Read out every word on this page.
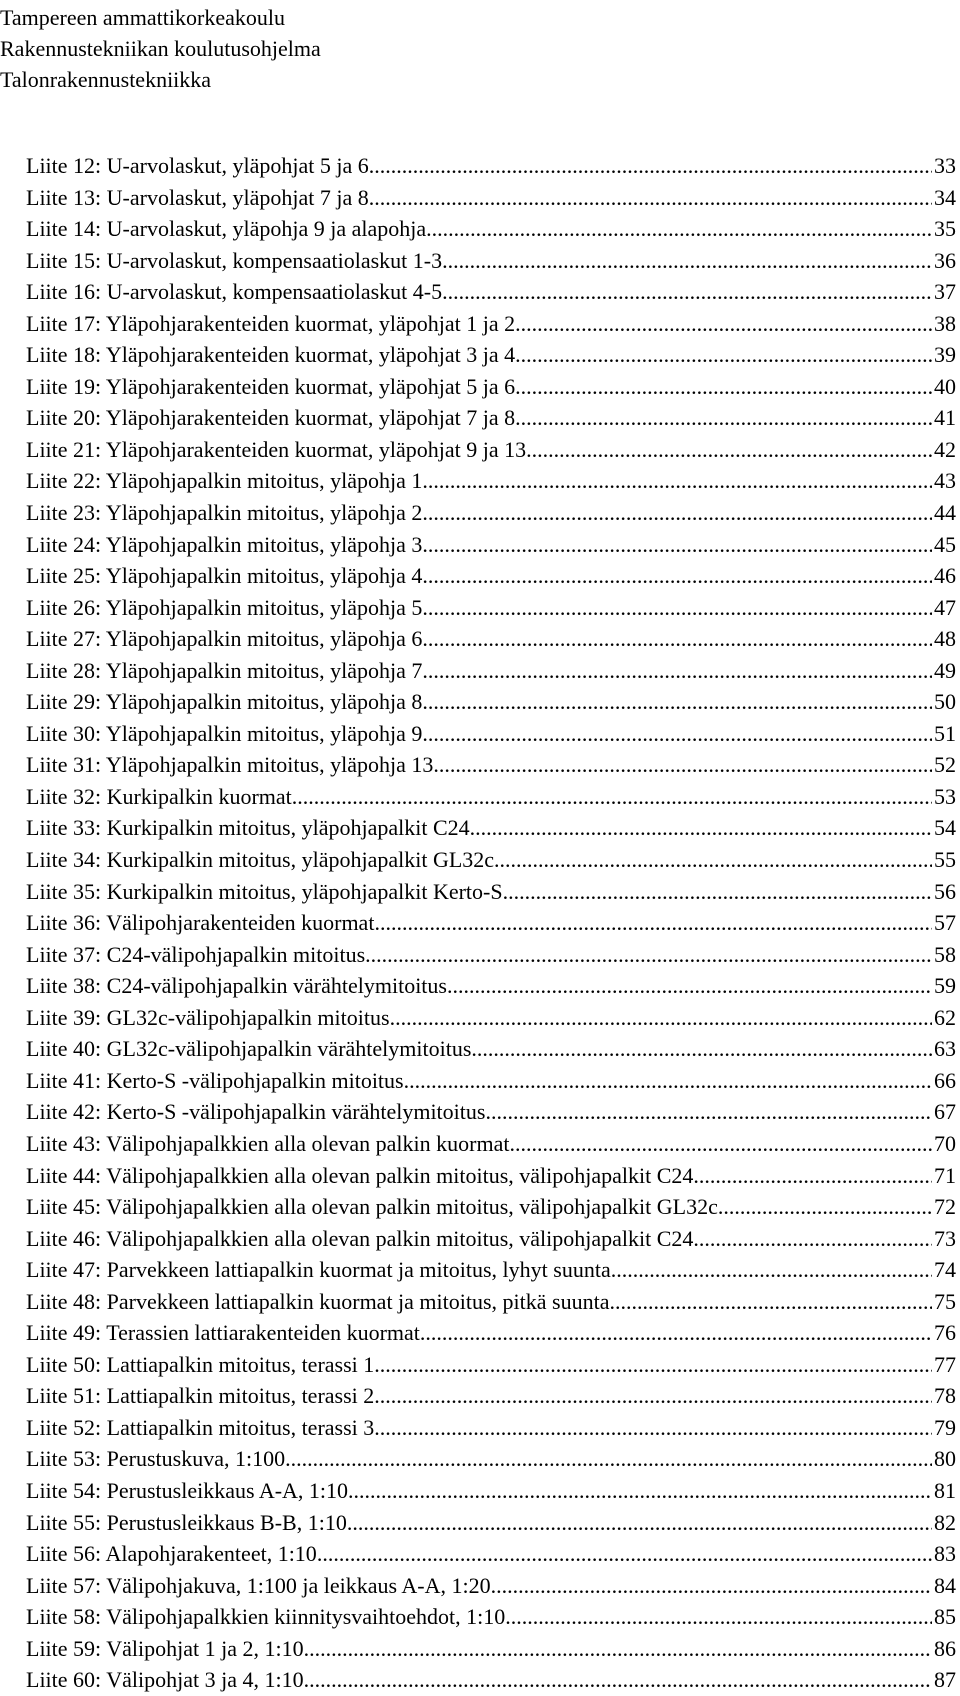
Tampereen ammattikorkeakoulu
Rakennustekniikan koulutusohjelma
Talonrakennustekniikka
Liite 12: U-arvolaskut, yläpohjat 5 ja 6 .....	33
Liite 13: U-arvolaskut, yläpohjat 7 ja 8 .....	34
Liite 14: U-arvolaskut, yläpohja 9 ja alapohja .....	35
Liite 15: U-arvolaskut, kompensaatiolaskut 1-3 .....	36
Liite 16: U-arvolaskut, kompensaatiolaskut 4-5 .....	37
Liite 17: Yläpohjarakenteiden kuormat, yläpohjat 1 ja 2 .....	38
Liite 18: Yläpohjarakenteiden kuormat, yläpohjat 3 ja 4 .....	39
Liite 19: Yläpohjarakenteiden kuormat, yläpohjat 5 ja 6 .....	40
Liite 20: Yläpohjarakenteiden kuormat, yläpohjat 7 ja 8 .....	41
Liite 21: Yläpohjarakenteiden kuormat, yläpohjat 9 ja 13 .....	42
Liite 22: Yläpohjapalkin mitoitus, yläpohja 1 .....	43
Liite 23: Yläpohjapalkin mitoitus, yläpohja 2 .....	44
Liite 24: Yläpohjapalkin mitoitus, yläpohja 3 .....	45
Liite 25: Yläpohjapalkin mitoitus, yläpohja 4 .....	46
Liite 26: Yläpohjapalkin mitoitus, yläpohja 5 .....	47
Liite 27: Yläpohjapalkin mitoitus, yläpohja 6 .....	48
Liite 28: Yläpohjapalkin mitoitus, yläpohja 7 .....	49
Liite 29: Yläpohjapalkin mitoitus, yläpohja 8 .....	50
Liite 30: Yläpohjapalkin mitoitus, yläpohja 9 .....	51
Liite 31: Yläpohjapalkin mitoitus, yläpohja 13 .....	52
Liite 32: Kurkipalkin kuormat .....	53
Liite 33: Kurkipalkin mitoitus, yläpohjapalkit C24 .....	54
Liite 34: Kurkipalkin mitoitus, yläpohjapalkit GL32c .....	55
Liite 35: Kurkipalkin mitoitus, yläpohjapalkit Kerto-S .....	56
Liite 36: Välipohjarakenteiden kuormat .....	57
Liite 37: C24-välipohjapalkin mitoitus .....	58
Liite 38: C24-välipohjapalkin värähtelymitoitus .....	59
Liite 39: GL32c-välipohjapalkin mitoitus .....	62
Liite 40: GL32c-välipohjapalkin värähtelymitoitus .....	63
Liite 41: Kerto-S -välipohjapalkin mitoitus .....	66
Liite 42: Kerto-S -välipohjapalkin värähtelymitoitus .....	67
Liite 43: Välipohjapalkkien alla olevan palkin kuormat .....	70
Liite 44: Välipohjapalkkien alla olevan palkin mitoitus, välipohjapalkit C24 .....	71
Liite 45: Välipohjapalkkien alla olevan palkin mitoitus, välipohjapalkit GL32c .....	72
Liite 46: Välipohjapalkkien alla olevan palkin mitoitus, välipohjapalkit C24 .....	73
Liite 47: Parvekkeen lattiapalkin kuormat ja mitoitus, lyhyt suunta .....	74
Liite 48: Parvekkeen lattiapalkin kuormat ja mitoitus, pitkä suunta .....	75
Liite 49: Terassien lattiarakenteiden kuormat .....	76
Liite 50: Lattiapalkin mitoitus, terassi 1 .....	77
Liite 51: Lattiapalkin mitoitus, terassi 2 .....	78
Liite 52: Lattiapalkin mitoitus, terassi 3 .....	79
Liite 53: Perustuskuva, 1:100 .....	80
Liite 54: Perustusleikkaus A-A, 1:10 .....	81
Liite 55: Perustusleikkaus B-B, 1:10 .....	82
Liite 56: Alapohjarakenteet, 1:10 .....	83
Liite 57: Välipohjakuva, 1:100 ja leikkaus A-A, 1:20 .....	84
Liite 58: Välipohjapalkkien kiinnitysvaihtoehdot, 1:10 .....	85
Liite 59: Välipohjat 1 ja 2, 1:10 .....	86
Liite 60: Välipohjat 3 ja 4, 1:10 .....	87
